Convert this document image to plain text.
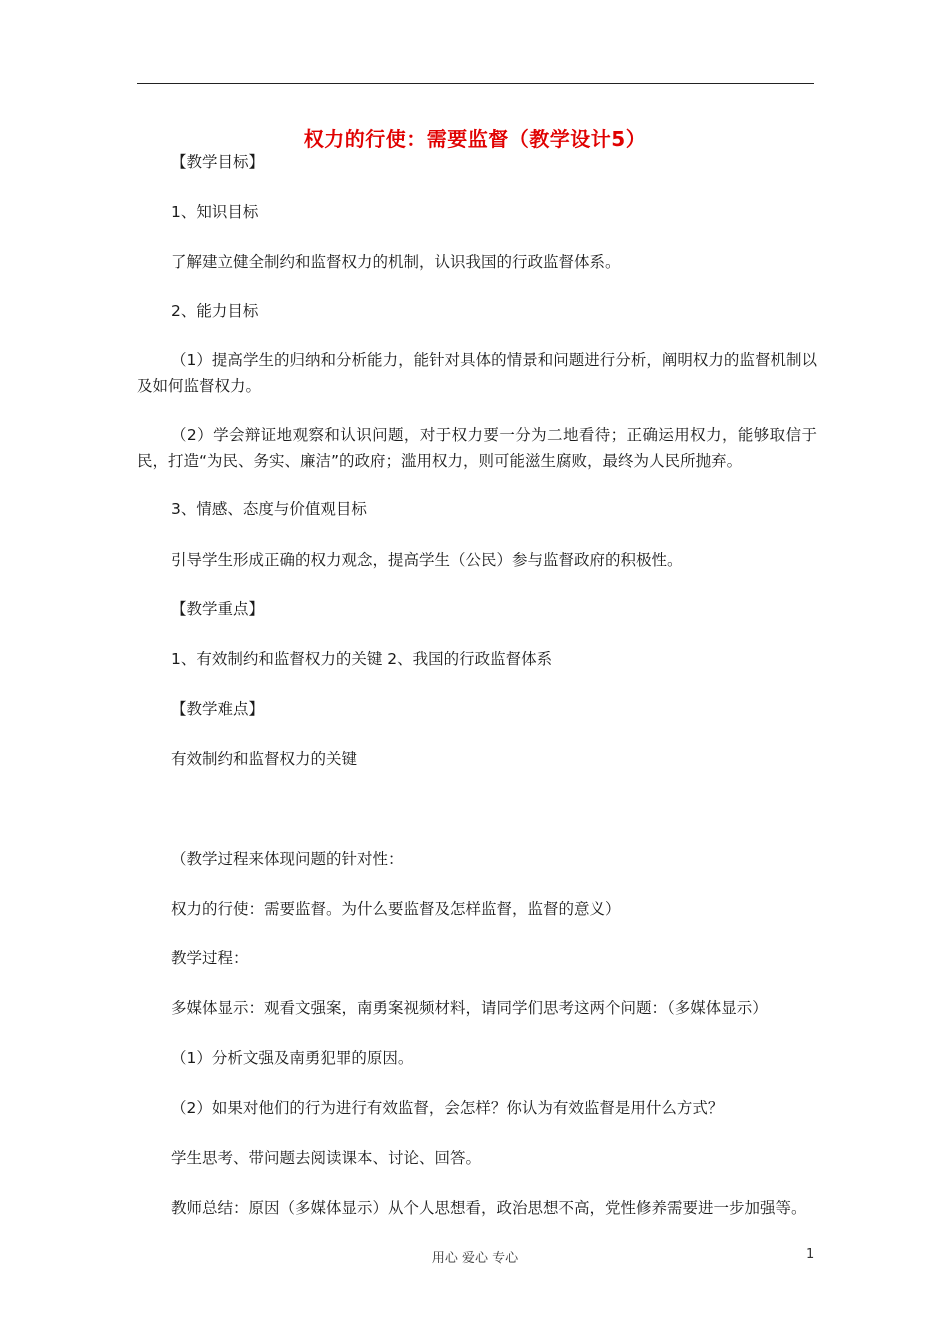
权力的行使：需要监督（教学设计5）
【教学目标】
1、知识目标
了解建立健全制约和监督权力的机制，认识我国的行政监督体系。
2、能力目标
（1）提高学生的归纳和分析能力，能针对具体的情景和问题进行分析，阐明权力的监督机制以及如何监督权力。
（2）学会辩证地观察和认识问题，对于权力要一分为二地看待；正确运用权力，能够取信于民，打造“为民、务实、廉洁”的政府；滥用权力，则可能滋生腐败，最终为人民所抛弃。
3、情感、态度与价值观目标
引导学生形成正确的权力观念，提高学生（公民）参与监督政府的积极性。
【教学重点】
1、有效制约和监督权力的关键 2、我国的行政监督体系
【教学难点】
有效制约和监督权力的关键
（教学过程来体现问题的针对性：
权力的行使：需要监督。为什么要监督及怎样监督，监督的意义）
教学过程：
多媒体显示：观看文强案，南勇案视频材料，请同学们思考这两个问题：（多媒体显示）
（1）分析文强及南勇犯罪的原因。
（2）如果对他们的行为进行有效监督，会怎样？你认为有效监督是用什么方式？
学生思考、带问题去阅读课本、讨论、回答。
教师总结：原因（多媒体显示）从个人思想看，政治思想不高，党性修养需要进一步加强等。
用心 爱心 专心	1
